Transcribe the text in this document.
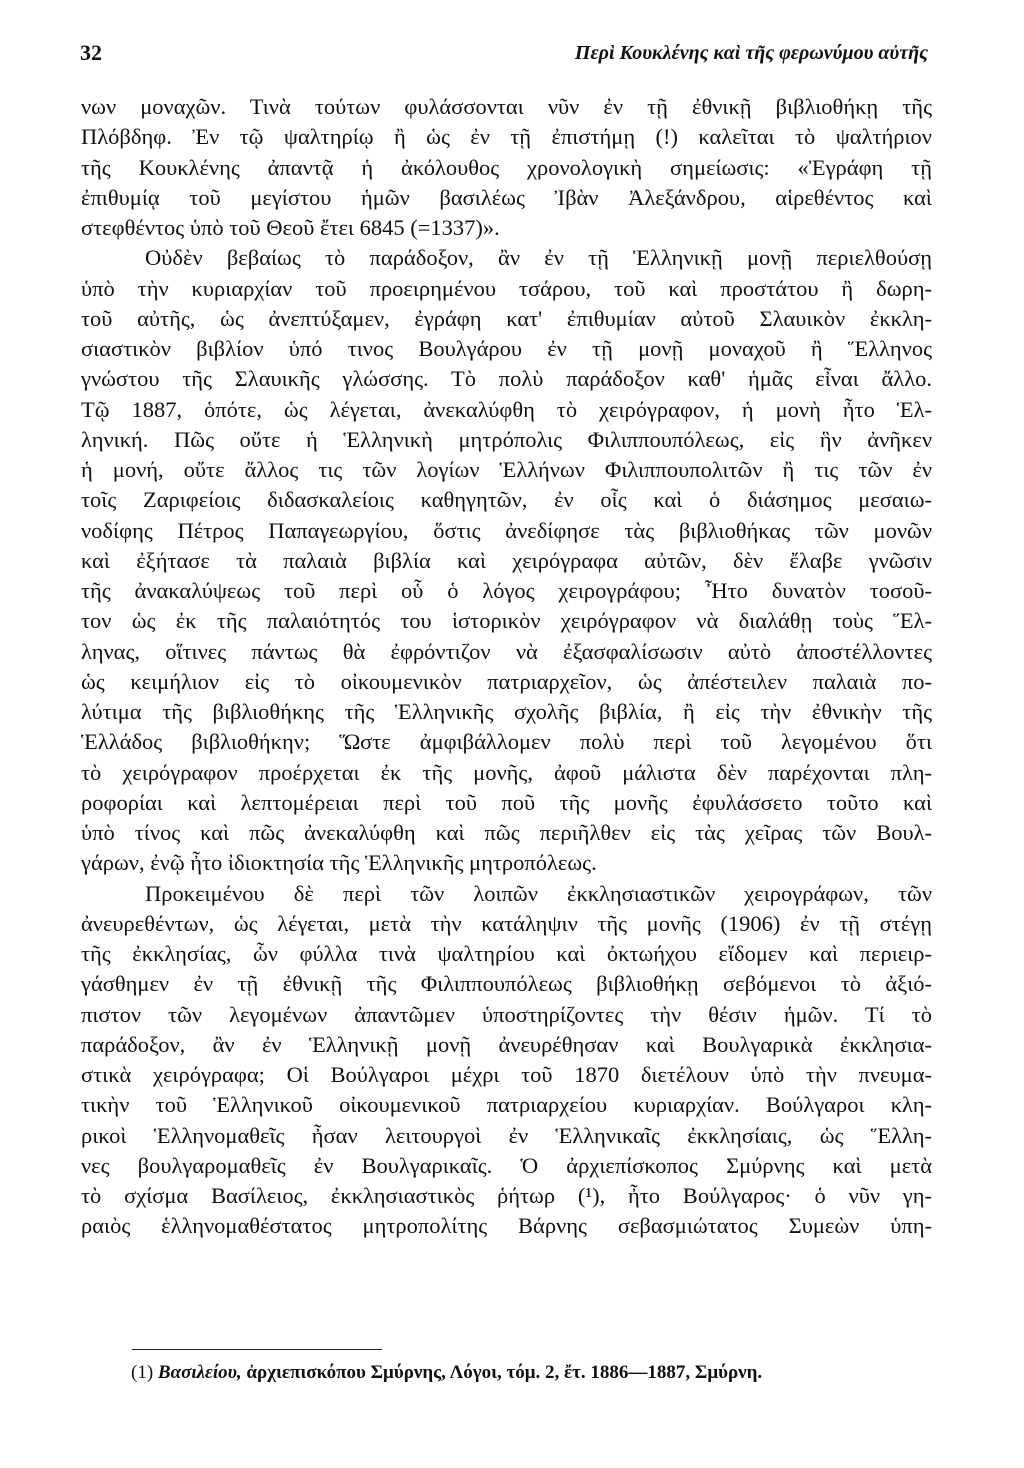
32	Περὶ Κουκλένης καὶ τῆς φερωνύμου αὐτῆς
νων μοναχῶν. Τινὰ τούτων φυλάσσονται νῦν ἐν τῇ ἐθνικῇ βιβλιοθήκῃ τῆς
Πλόβδηφ. Ἐν τῷ ψαλτηρίῳ ἢ ὡς ἐν τῇ ἐπιστήμῃ (!) καλεῖται τὸ ψαλτήριον
τῆς Κουκλένης ἀπαντᾷ ἡ ἀκόλουθος χρονολογικὴ σημείωσις: «Ἐγράφη τῇ
ἐπιθυμίᾳ τοῦ μεγίστου ἡμῶν βασιλέως Ἰβὰν Ἀλεξάνδρου, αἱρεθέντος καὶ
στεφθέντος ὑπὸ τοῦ Θεοῦ ἔτει 6845 (=1337)».
Οὐδὲν βεβαίως τὸ παράδοξον, ἂν ἐν τῇ Ἑλληνικῇ μονῇ περιελθούσῃ
ὑπὸ τὴν κυριαρχίαν τοῦ προειρημένου τσάρου, τοῦ καὶ προστάτου ἢ δωρη-
τοῦ αὐτῆς, ὡς ἀνεπτύξαμεν, ἐγράφη κατ' ἐπιθυμίαν αὐτοῦ Σλαυικὸν ἐκκλη-
σιαστικὸν βιβλίον ὑπό τινος Βουλγάρου ἐν τῇ μονῇ μοναχοῦ ἢ Ἕλληνος
γνώστου τῆς Σλαυικῆς γλώσσης. Τὸ πολὺ παράδοξον καθ' ἡμᾶς εἶναι ἄλλο.
Τῷ 1887, ὁπότε, ὡς λέγεται, ἀνεκαλύφθη τὸ χειρόγραφον, ἡ μονὴ ἦτο Ἑλ-
ληνική. Πῶς οὔτε ἡ Ἑλληνικὴ μητρόπολις Φιλιππουπόλεως, εἰς ἣν ἀνῆκεν
ἡ μονή, οὔτε ἄλλος τις τῶν λογίων Ἑλλήνων Φιλιππουπολιτῶν ἢ τις τῶν ἐν
τοῖς Ζαριφείοις διδασκαλείοις καθηγητῶν, ἐν οἷς καὶ ὁ διάσημος μεσαιω-
νοδίφης Πέτρος Παπαγεωργίου, ὅστις ἀνεδίφησε τὰς βιβλιοθήκας τῶν μονῶν
καὶ ἐξήτασε τὰ παλαιὰ βιβλία καὶ χειρόγραφα αὐτῶν, δὲν ἔλαβε γνῶσιν
τῆς ἀνακαλύψεως τοῦ περὶ οὗ ὁ λόγος χειρογράφου; Ἦτο δυνατὸν τοσοῦ-
τον ὡς ἐκ τῆς παλαιότητός του ἱστορικὸν χειρόγραφον νὰ διαλάθῃ τοὺς Ἕλ-
ληνας, οἵτινες πάντως θὰ ἐφρόντιζον νὰ ἐξασφαλίσωσιν αὐτὸ ἀποστέλλοντες
ὡς κειμήλιον εἰς τὸ οἰκουμενικὸν πατριαρχεῖον, ὡς ἀπέστειλεν παλαιὰ πο-
λύτιμα τῆς βιβλιοθήκης τῆς Ἑλληνικῆς σχολῆς βιβλία, ἢ εἰς τὴν ἐθνικὴν τῆς
Ἑλλάδος βιβλιοθήκην; Ὥστε ἀμφιβάλλομεν πολὺ περὶ τοῦ λεγομένου ὅτι
τὸ χειρόγραφον προέρχεται ἐκ τῆς μονῆς, ἀφοῦ μάλιστα δὲν παρέχονται πλη-
ροφορίαι καὶ λεπτομέρειαι περὶ τοῦ ποῦ τῆς μονῆς ἐφυλάσσετο τοῦτο καὶ
ὑπὸ τίνος καὶ πῶς ἀνεκαλύφθη καὶ πῶς περιῆλθεν εἰς τὰς χεῖρας τῶν Βουλ-
γάρων, ἐνῷ ἦτο ἰδιοκτησία τῆς Ἑλληνικῆς μητροπόλεως.
Προκειμένου δὲ περὶ τῶν λοιπῶν ἐκκλησιαστικῶν χειρογράφων, τῶν
ἀνευρεθέντων, ὡς λέγεται, μετὰ τὴν κατάληψιν τῆς μονῆς (1906) ἐν τῇ στέγῃ
τῆς ἐκκλησίας, ὧν φύλλα τινὰ ψαλτηρίου καὶ ὀκτωήχου εἴδομεν καὶ περιειρ-
γάσθημεν ἐν τῇ ἐθνικῇ τῆς Φιλιππουπόλεως βιβλιοθήκῃ σεβόμενοι τὸ ἀξιό-
πιστον τῶν λεγομένων ἀπαντῶμεν ὑποστηρίζοντες τὴν θέσιν ἡμῶν. Τί τὸ
παράδοξον, ἂν ἐν Ἑλληνικῇ μονῇ ἀνευρέθησαν καὶ Βουλγαρικὰ ἐκκλησια-
στικὰ χειρόγραφα; Οἱ Βούλγαροι μέχρι τοῦ 1870 διετέλουν ὑπὸ τὴν πνευμα-
τικὴν τοῦ Ἑλληνικοῦ οἰκουμενικοῦ πατριαρχείου κυριαρχίαν. Βούλγαροι κλη-
ρικοὶ Ἑλληνομαθεῖς ἦσαν λειτουργοὶ ἐν Ἑλληνικαῖς ἐκκλησίαις, ὡς Ἕλλη-
νες βουλγαρομαθεῖς ἐν Βουλγαρικαῖς. Ὁ ἀρχιεπίσκοπος Σμύρνης καὶ μετὰ
τὸ σχίσμα Βασίλειος, ἐκκλησιαστικὸς ῥήτωρ (¹), ἦτο Βούλγαρος· ὁ νῦν γη-
ραιὸς ἑλληνομαθέστατος μητροπολίτης Βάρνης σεβασμιώτατος Συμεὼν ὑπη-
(1) Βασιλείου, ἀρχιεπισκόπου Σμύρνης, Λόγοι, τόμ. 2, ἔτ. 1886—1887, Σμύρνη.
